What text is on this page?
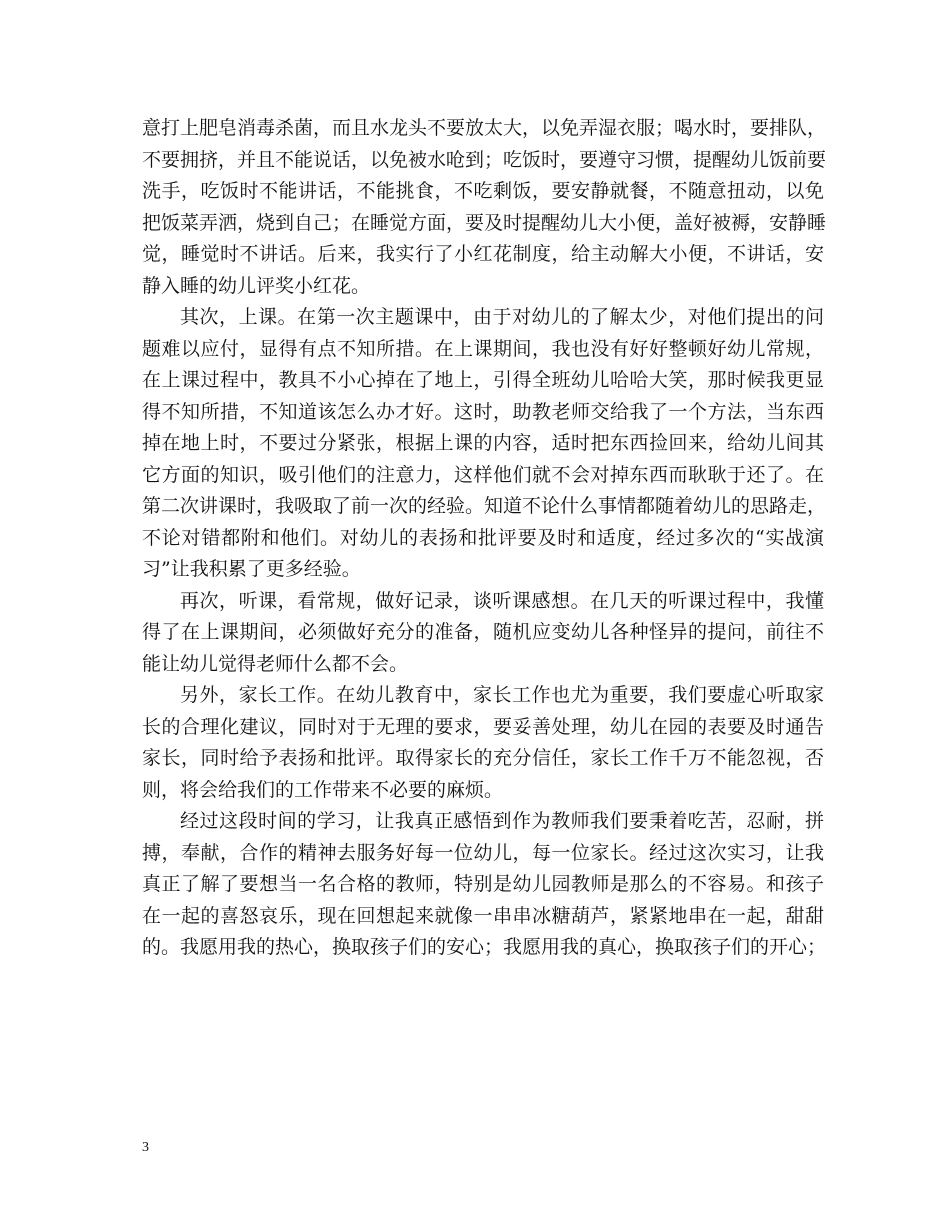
意打上肥皂消毒杀菌，而且水龙头不要放太大，以免弄湿衣服；喝水时，要排队，
不要拥挤，并且不能说话，以免被水呛到；吃饭时，要遵守习惯，提醒幼儿饭前要
洗手，吃饭时不能讲话，不能挑食，不吃剩饭，要安静就餐，不随意扭动，以免
把饭菜弄洒，烧到自己；在睡觉方面，要及时提醒幼儿大小便，盖好被褥，安静睡
觉，睡觉时不讲话。后来，我实行了小红花制度，给主动解大小便，不讲话，安
静入睡的幼儿评奖小红花。
其次，上课。在第一次主题课中，由于对幼儿的了解太少，对他们提出的问
题难以应付，显得有点不知所措。在上课期间，我也没有好好整顿好幼儿常规，
在上课过程中，教具不小心掉在了地上，引得全班幼儿哈哈大笑，那时候我更显
得不知所措，不知道该怎么办才好。这时，助教老师交给我了一个方法，当东西
掉在地上时，不要过分紧张，根据上课的内容，适时把东西捡回来，给幼儿间其
它方面的知识，吸引他们的注意力，这样他们就不会对掉东西而耿耿于还了。在
第二次讲课时，我吸取了前一次的经验。知道不论什么事情都随着幼儿的思路走，
不论对错都附和他们。对幼儿的表扬和批评要及时和适度，经过多次的“实战演
习”让我积累了更多经验。
再次，听课，看常规，做好记录，谈听课感想。在几天的听课过程中，我懂
得了在上课期间，必须做好充分的准备，随机应变幼儿各种怪异的提问，前往不
能让幼儿觉得老师什么都不会。
另外，家长工作。在幼儿教育中，家长工作也尤为重要，我们要虚心听取家
长的合理化建议，同时对于无理的要求，要妥善处理，幼儿在园的表要及时通告
家长，同时给予表扬和批评。取得家长的充分信任，家长工作千万不能忽视，否
则，将会给我们的工作带来不必要的麻烦。
经过这段时间的学习，让我真正感悟到作为教师我们要秉着吃苦，忍耐，拼
搏，奉献，合作的精神去服务好每一位幼儿，每一位家长。经过这次实习，让我
真正了解了要想当一名合格的教师，特别是幼儿园教师是那么的不容易。和孩子
在一起的喜怒哀乐，现在回想起来就像一串串冰糖葫芦，紧紧地串在一起，甜甜
的。我愿用我的热心，换取孩子们的安心；我愿用我的真心，换取孩子们的开心；
3
